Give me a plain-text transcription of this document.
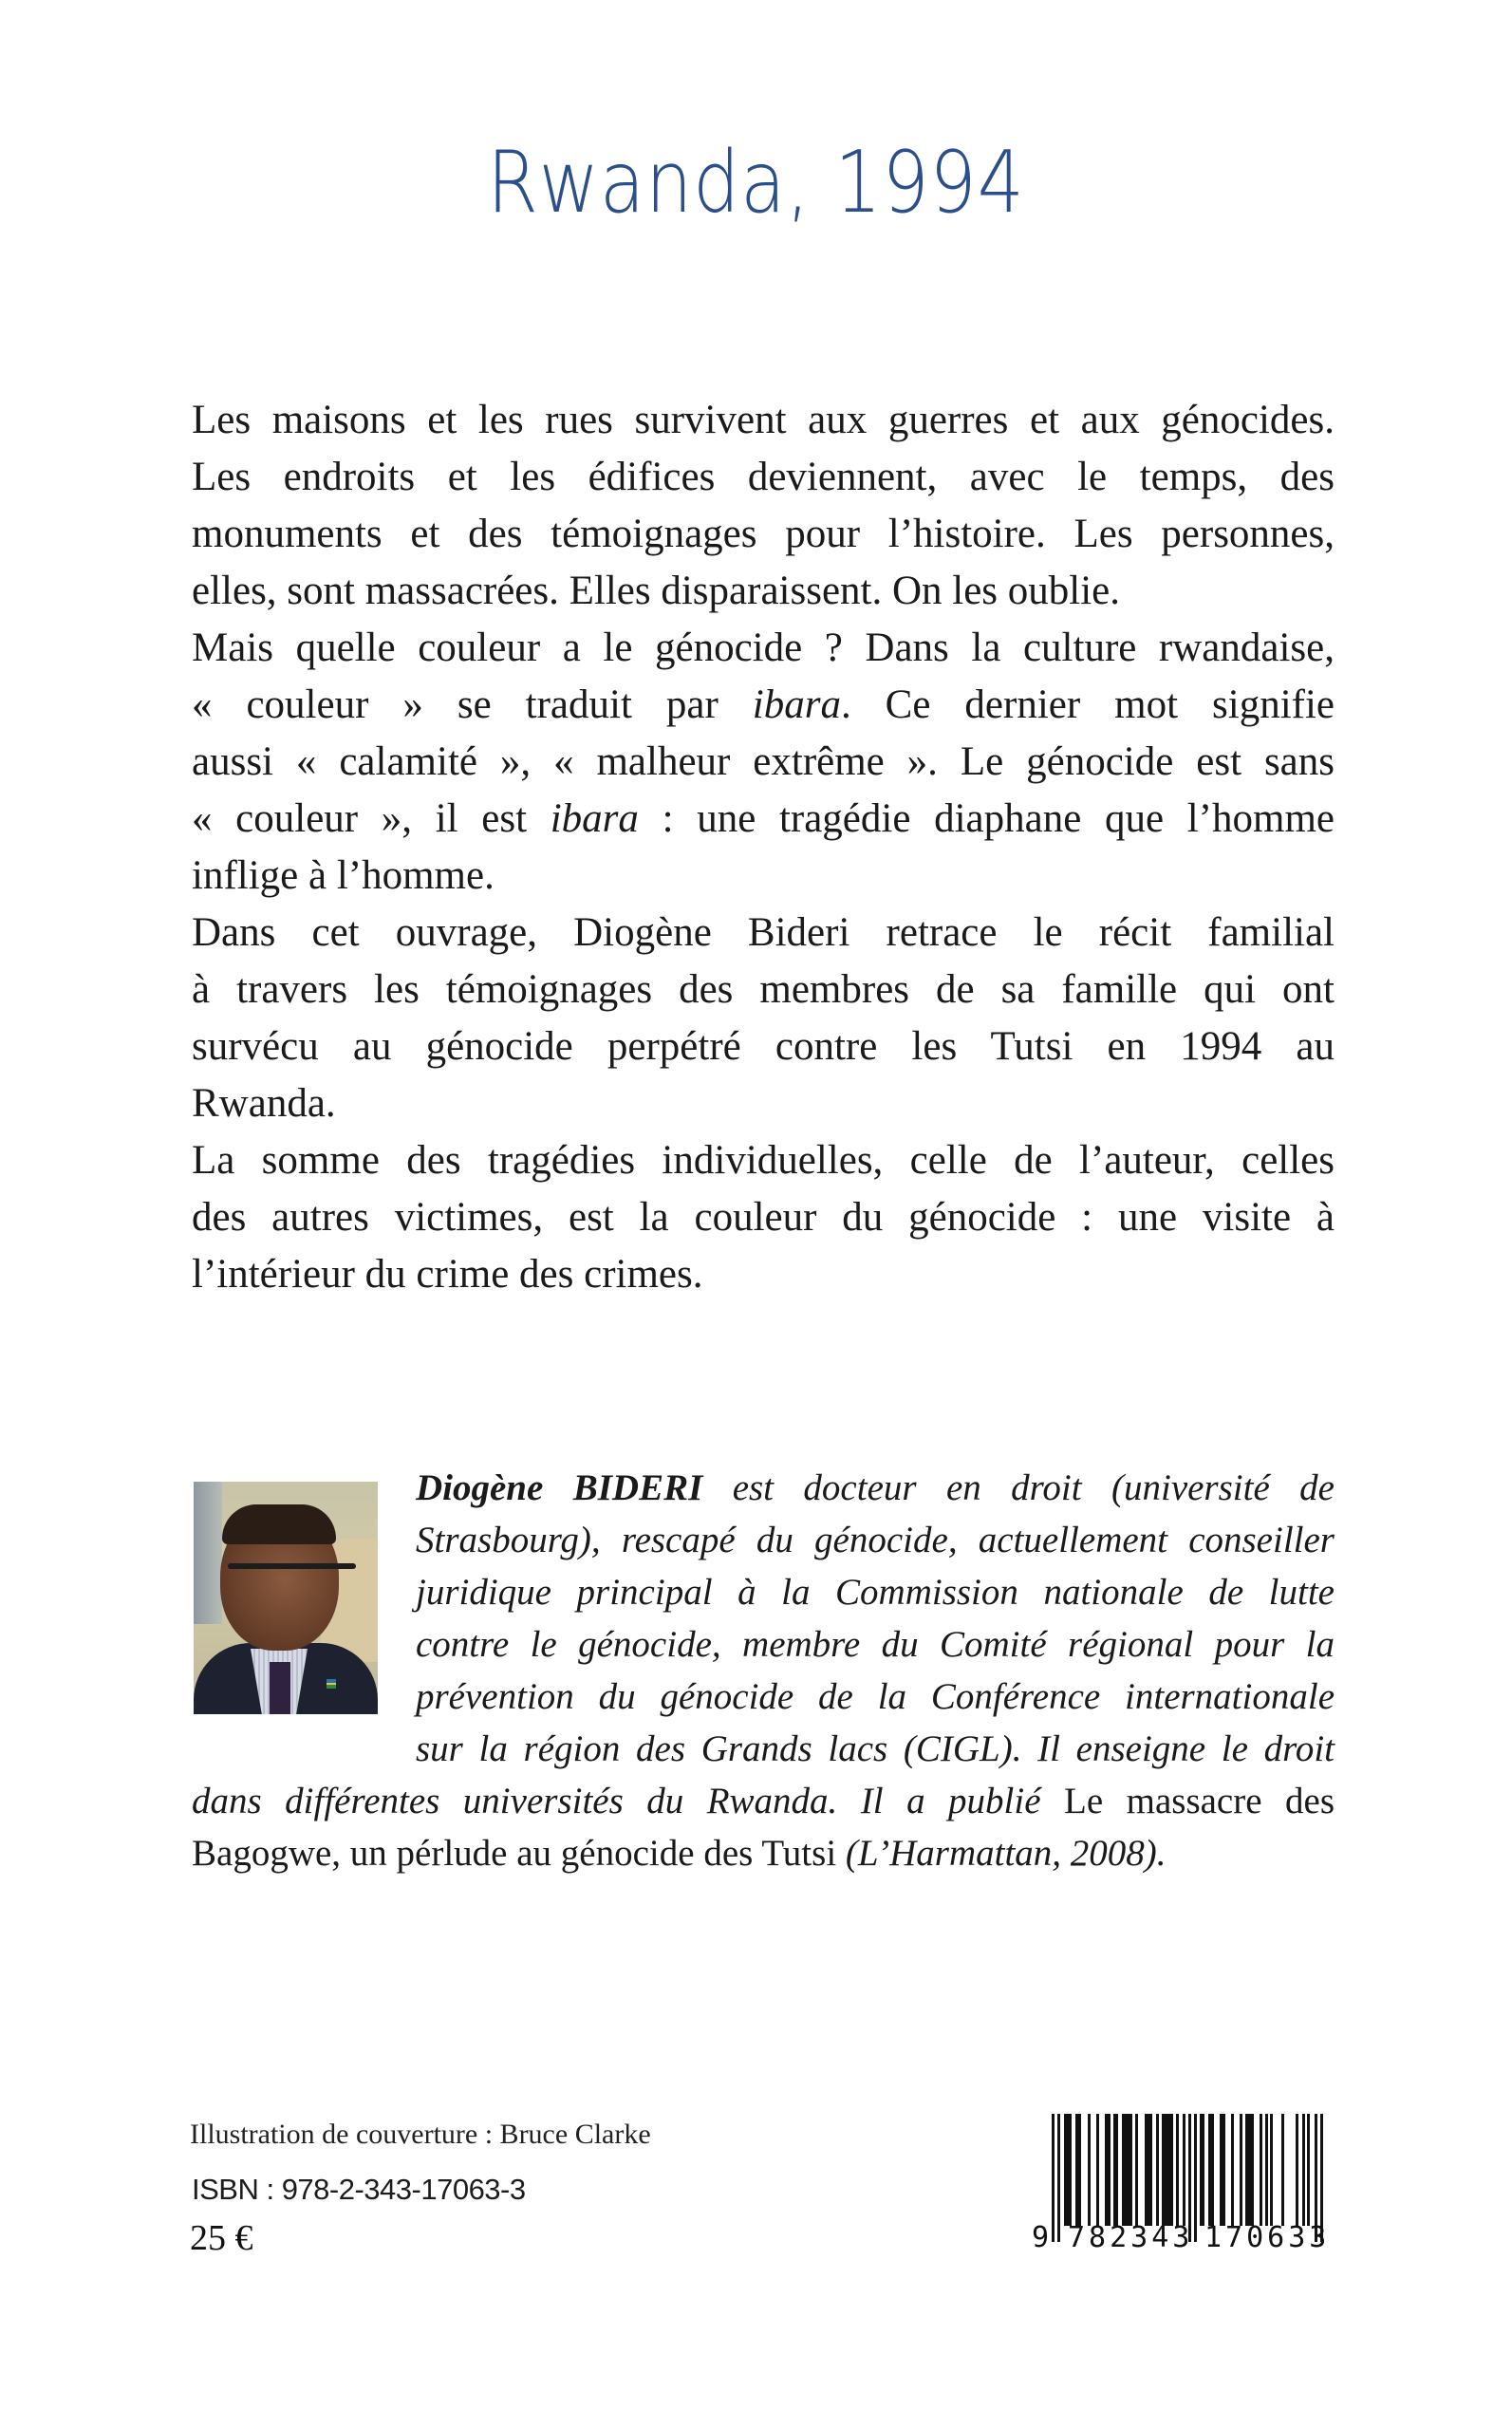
Rwanda, 1994
Les maisons et les rues survivent aux guerres et aux génocides.
Les endroits et les édifices deviennent, avec le temps, des
monuments et des témoignages pour l’histoire. Les personnes,
elles, sont massacrées. Elles disparaissent. On les oublie.
Mais quelle couleur a le génocide ? Dans la culture rwandaise,
« couleur » se traduit par ibara. Ce dernier mot signifie
aussi « calamité », « malheur extrême ». Le génocide est sans
« couleur », il est ibara : une tragédie diaphane que l’homme
inflige à l’homme.
Dans cet ouvrage, Diogène Bideri retrace le récit familial
à travers les témoignages des membres de sa famille qui ont
survécu au génocide perpétré contre les Tutsi en 1994 au
Rwanda.
La somme des tragédies individuelles, celle de l’auteur, celles
des autres victimes, est la couleur du génocide : une visite à
l’intérieur du crime des crimes.
Diogène BIDERI est docteur en droit (université de
Strasbourg), rescapé du génocide, actuellement conseiller
juridique principal à la Commission nationale de lutte
contre le génocide, membre du Comité régional pour la
prévention du génocide de la Conférence internationale
sur la région des Grands lacs (CIGL). Il enseigne le droit
dans différentes universités du Rwanda. Il a publié Le massacre des
Bagogwe, un pérlude au génocide des Tutsi (L’Harmattan, 2008).
Illustration de couverture : Bruce Clarke
ISBN : 978-2-343-17063-3
25 €	9 782343 170633
